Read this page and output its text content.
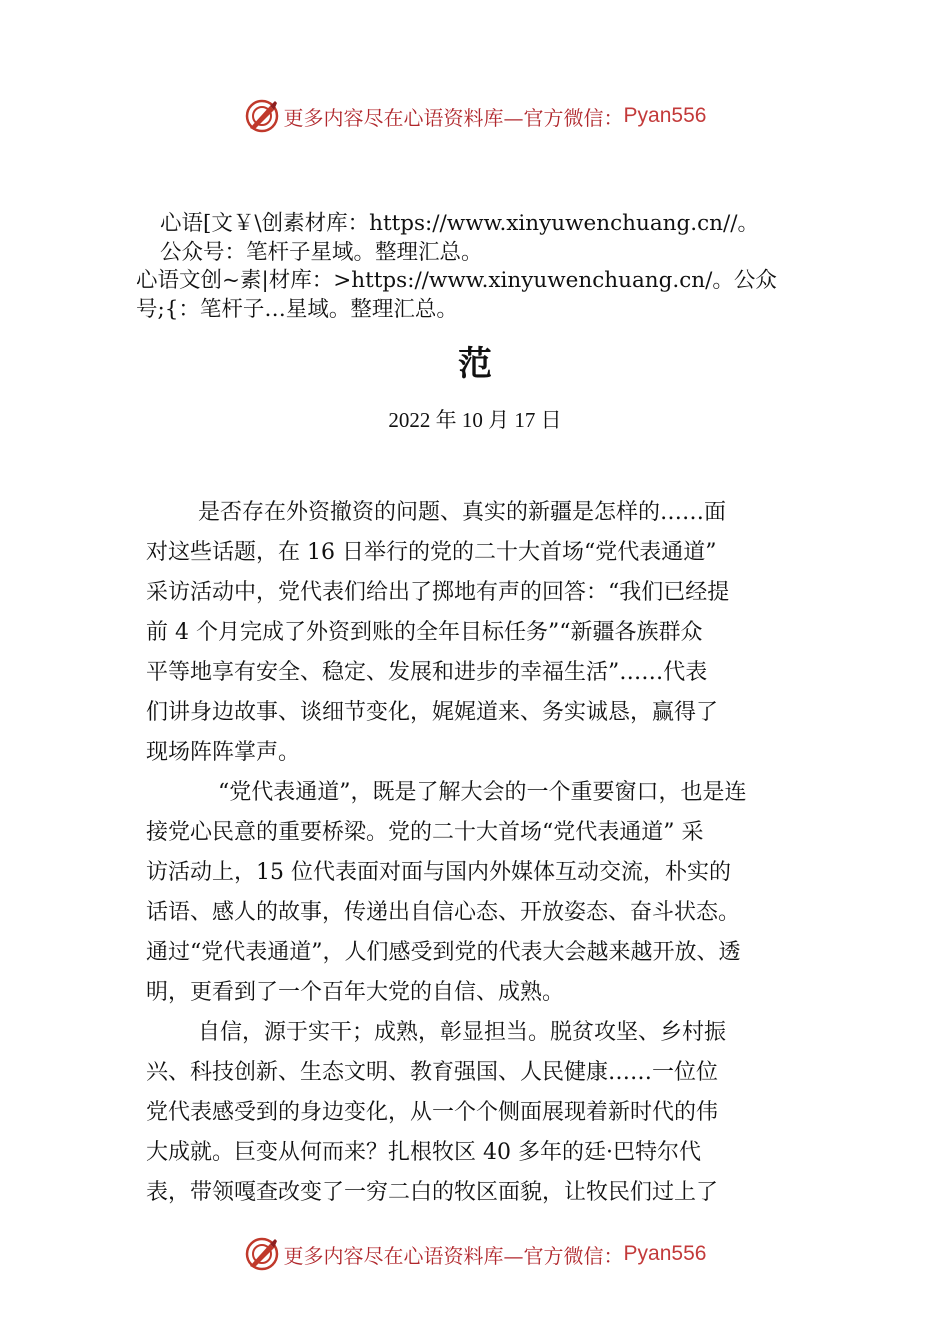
更多内容尽在心语资料库—官方微信： Pyan556
心语[文￥\创素材库：https://www.xinyuwenchuang.cn//。
公众号：笔杆子星域。整理汇总。
心语文创~素|材库：>https://www.xinyuwenchuang.cn/。公众
号;{：笔杆子…星域。整理汇总。
范
2022 年 10 月 17 日
是否存在外资撤资的问题、真实的新疆是怎样的……面
对这些话题，在 16 日举行的党的二十大首场“党代表通道”
采访活动中，党代表们给出了掷地有声的回答：“我们已经提
前 4 个月完成了外资到账的全年目标任务”“新疆各族群众
平等地享有安全、稳定、发展和进步的幸福生活”……代表
们讲身边故事、谈细节变化，娓娓道来、务实诚恳，赢得了
现场阵阵掌声。
“党代表通道”，既是了解大会的一个重要窗口，也是连
接党心民意的重要桥梁。党的二十大首场“党代表通道” 采
访活动上，15 位代表面对面与国内外媒体互动交流，朴实的
话语、感人的故事，传递出自信心态、开放姿态、奋斗状态。
通过“党代表通道”，人们感受到党的代表大会越来越开放、透
明，更看到了一个百年大党的自信、成熟。
自信，源于实干；成熟，彰显担当。脱贫攻坚、乡村振
兴、科技创新、生态文明、教育强国、人民健康……一位位
党代表感受到的身边变化，从一个个侧面展现着新时代的伟
大成就。巨变从何而来？扎根牧区 40 多年的廷·巴特尔代
表，带领嘎查改变了一穷二白的牧区面貌，让牧民们过上了
更多内容尽在心语资料库—官方微信： Pyan556
